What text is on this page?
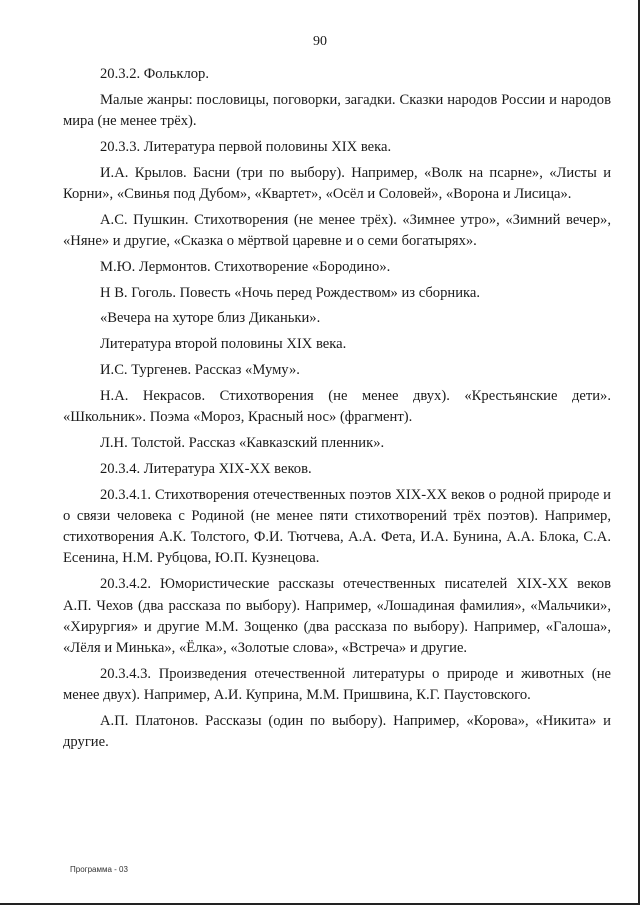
90

20.3.2. Фольклор.

Малые жанры: пословицы, поговорки, загадки. Сказки народов России и народов мира (не менее трёх).

20.3.3. Литература первой половины XIX века.

И.А. Крылов. Басни (три по выбору). Например, «Волк на псарне», «Листы и Корни», «Свинья под Дубом», «Квартет», «Осёл и Соловей», «Ворона и Лисица».

А.С. Пушкин. Стихотворения (не менее трёх). «Зимнее утро», «Зимний вечер», «Няне» и другие, «Сказка о мёртвой царевне и о семи богатырях».

М.Ю. Лермонтов. Стихотворение «Бородино».

Н В. Гоголь. Повесть «Ночь перед Рождеством» из сборника.

«Вечера на хуторе близ Диканьки».

Литература второй половины XIX века.

И.С. Тургенев. Рассказ «Муму».

Н.А. Некрасов. Стихотворения (не менее двух). «Крестьянские дети». «Школьник». Поэма «Мороз, Красный нос» (фрагмент).

Л.Н. Толстой. Рассказ «Кавказский пленник».

20.3.4. Литература XIX-XX веков.

20.3.4.1. Стихотворения отечественных поэтов XIX-XX веков о родной природе и о связи человека с Родиной (не менее пяти стихотворений трёх поэтов). Например, стихотворения А.К. Толстого, Ф.И. Тютчева, А.А. Фета, И.А. Бунина, А.А. Блока, С.А. Есенина, Н.М. Рубцова, Ю.П. Кузнецова.

20.3.4.2. Юмористические рассказы отечественных писателей XIX-XX веков А.П. Чехов (два рассказа по выбору). Например, «Лошадиная фамилия», «Мальчики», «Хирургия» и другие М.М. Зощенко (два рассказа по выбору). Например, «Галоша», «Лёля и Минька», «Ёлка», «Золотые слова», «Встреча» и другие.

20.3.4.3. Произведения отечественной литературы о природе и животных (не менее двух). Например, А.И. Куприна, М.М. Пришвина, К.Г. Паустовского.

А.П. Платонов. Рассказы (один по выбору). Например, «Корова», «Никита» и другие.

Программа - 03
